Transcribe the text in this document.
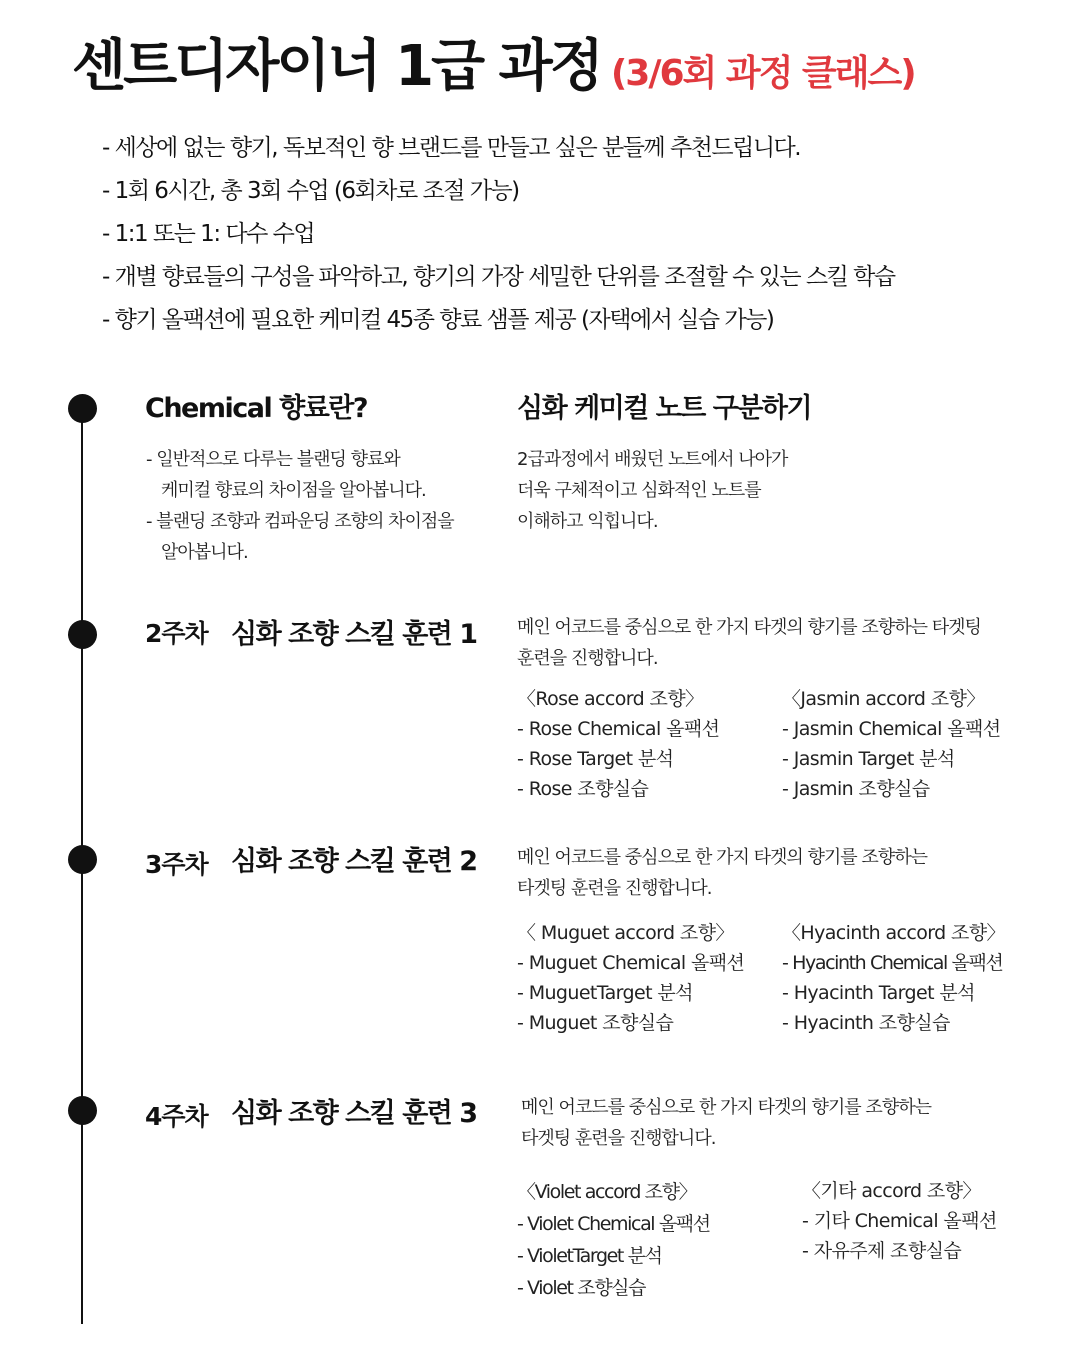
센트디자이너 1급 과정 (3/6회 과정 클래스)
- 세상에 없는 향기, 독보적인 향 브랜드를 만들고 싶은 분들께 추천드립니다.
- 1회 6시간, 총 3회 수업 (6회차로 조절 가능)
- 1:1 또는 1: 다수 수업
- 개별 향료들의 구성을 파악하고, 향기의 가장 세밀한 단위를 조절할 수 있는 스킬 학습
- 향기 올팩션에 필요한 케미컬 45종 향료 샘플 제공 (자택에서 실습 가능)
Chemical 향료란?
- 일반적으로 다루는 블랜딩 향료와
케미컬 향료의 차이점을 알아봅니다.
- 블랜딩 조향과 컴파운딩 조향의 차이점을
알아봅니다.
심화 케미컬 노트 구분하기
2급과정에서 배웠던 노트에서 나아가
더욱 구체적이고 심화적인 노트를
이해하고 익힙니다.
2주차 심화 조향 스킬 훈련 1 메인 어코드를 중심으로 한 가지 타겟의 향기를 조향하는 타겟팅
훈련을 진행합니다.
〈Rose accord 조향〉
- Rose Chemical 올팩션
- Rose Target 분석
- Rose 조향실습
〈Jasmin accord 조향〉
- Jasmin Chemical 올팩션
- Jasmin Target 분석
- Jasmin 조향실습
3주차 심화 조향 스킬 훈련 2 메인 어코드를 중심으로 한 가지 타겟의 향기를 조향하는
타겟팅 훈련을 진행합니다.
〈 Muguet accord 조향〉
- Muguet Chemical 올팩션
- MuguetTarget 분석
- Muguet 조향실습
〈Hyacinth accord 조향〉
- Hyacinth Chemical 올팩션
- Hyacinth Target 분석
- Hyacinth 조향실습
4주차 심화 조향 스킬 훈련 3 메인 어코드를 중심으로 한 가지 타겟의 향기를 조향하는
타겟팅 훈련을 진행합니다.
〈Violet accord 조향〉
- Violet Chemical 올팩션
- VioletTarget 분석
- Violet 조향실습
〈기타 accord 조향〉
- 기타 Chemical 올팩션
- 자유주제 조향실습
